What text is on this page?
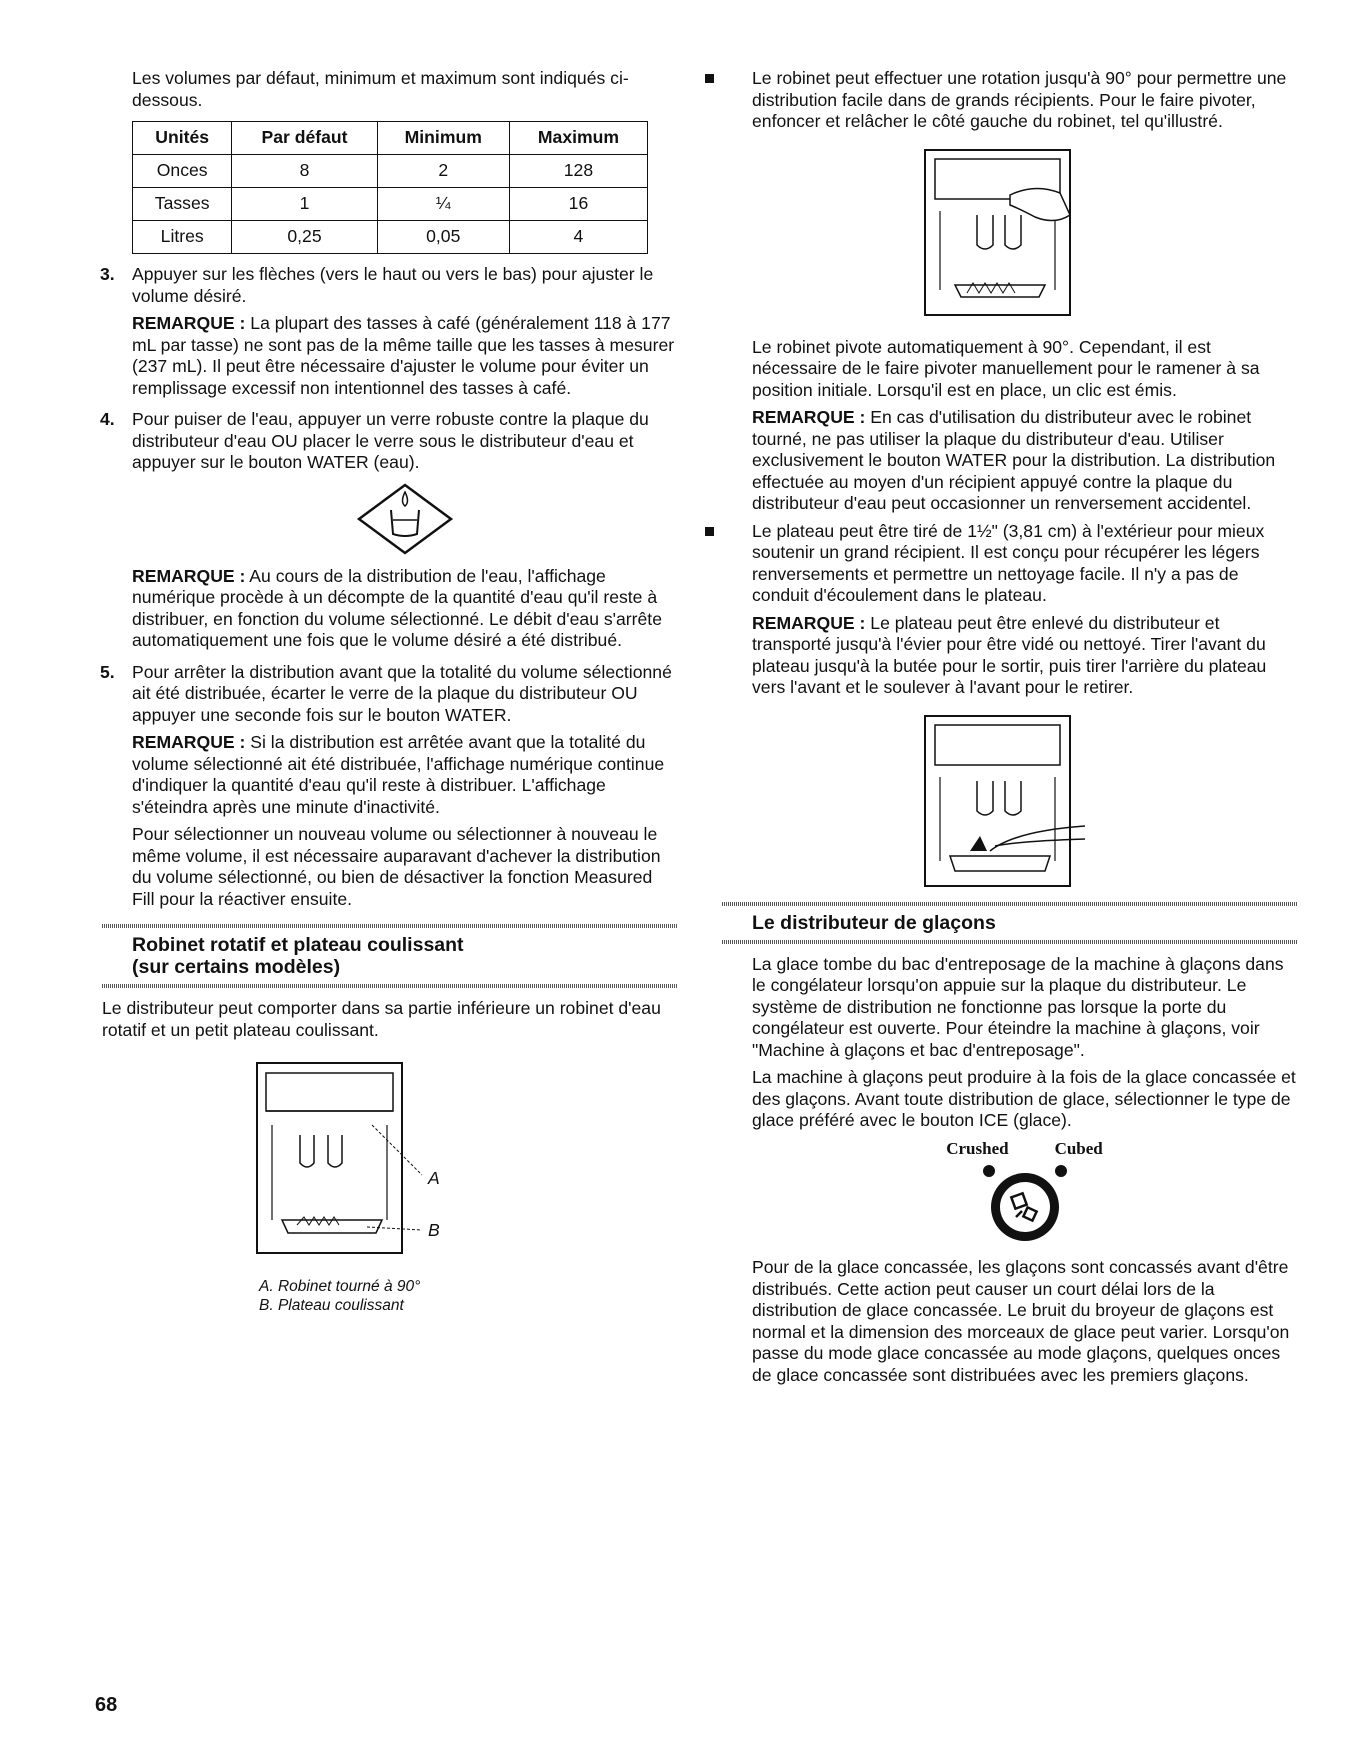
Les volumes par défaut, minimum et maximum sont indiqués ci-dessous.

Unités	Par défaut	Minimum	Maximum
Onces	8	2	128
Tasses	1	¼	16
Litres	0,25	0,05	4
3. Appuyer sur les flèches (vers le haut ou vers le bas) pour ajuster le volume désiré.

REMARQUE : La plupart des tasses à café (généralement 118 à 177 mL par tasse) ne sont pas de la même taille que les tasses à mesurer (237 mL). Il peut être nécessaire d'ajuster le volume pour éviter un remplissage excessif non intentionnel des tasses à café.

4. Pour puiser de l'eau, appuyer un verre robuste contre la plaque du distributeur d'eau OU placer le verre sous le distributeur d'eau et appuyer sur le bouton WATER (eau).

REMARQUE : Au cours de la distribution de l'eau, l'affichage numérique procède à un décompte de la quantité d'eau qu'il reste à distribuer, en fonction du volume sélectionné. Le débit d'eau s'arrête automatiquement une fois que le volume désiré a été distribué.

5. Pour arrêter la distribution avant que la totalité du volume sélectionné ait été distribuée, écarter le verre de la plaque du distributeur OU appuyer une seconde fois sur le bouton WATER.

REMARQUE : Si la distribution est arrêtée avant que la totalité du volume sélectionné ait été distribuée, l'affichage numérique continue d'indiquer la quantité d'eau qu'il reste à distribuer. L'affichage s'éteindra après une minute d'inactivité.

Pour sélectionner un nouveau volume ou sélectionner à nouveau le même volume, il est nécessaire auparavant d'achever la distribution du volume sélectionné, ou bien de désactiver la fonction Measured Fill pour la réactiver ensuite.

Robinet rotatif et plateau coulissant
(sur certains modèles)

Le distributeur peut comporter dans sa partie inférieure un robinet d'eau rotatif et un petit plateau coulissant.

A
B
A. Robinet tourné à 90°
B. Plateau coulissant

Le robinet peut effectuer une rotation jusqu'à 90° pour permettre une distribution facile dans de grands récipients. Pour le faire pivoter, enfoncer et relâcher le côté gauche du robinet, tel qu'illustré.

Le robinet pivote automatiquement à 90°. Cependant, il est nécessaire de le faire pivoter manuellement pour le ramener à sa position initiale. Lorsqu'il est en place, un clic est émis.

REMARQUE : En cas d'utilisation du distributeur avec le robinet tourné, ne pas utiliser la plaque du distributeur d'eau. Utiliser exclusivement le bouton WATER pour la distribution. La distribution effectuée au moyen d'un récipient appuyé contre la plaque du distributeur d'eau peut occasionner un renversement accidentel.

Le plateau peut être tiré de 1½" (3,81 cm) à l'extérieur pour mieux soutenir un grand récipient. Il est conçu pour récupérer les légers renversements et permettre un nettoyage facile. Il n'y a pas de conduit d'écoulement dans le plateau.

REMARQUE : Le plateau peut être enlevé du distributeur et transporté jusqu'à l'évier pour être vidé ou nettoyé. Tirer l'avant du plateau jusqu'à la butée pour le sortir, puis tirer l'arrière du plateau vers l'avant et le soulever à l'avant pour le retirer.

Le distributeur de glaçons

La glace tombe du bac d'entreposage de la machine à glaçons dans le congélateur lorsqu'on appuie sur la plaque du distributeur. Le système de distribution ne fonctionne pas lorsque la porte du congélateur est ouverte. Pour éteindre la machine à glaçons, voir "Machine à glaçons et bac d'entreposage".

La machine à glaçons peut produire à la fois de la glace concassée et des glaçons. Avant toute distribution de glace, sélectionner le type de glace préféré avec le bouton ICE (glace).

Crushed	Cubed

Pour de la glace concassée, les glaçons sont concassés avant d'être distribués. Cette action peut causer un court délai lors de la distribution de glace concassée. Le bruit du broyeur de glaçons est normal et la dimension des morceaux de glace peut varier. Lorsqu'on passe du mode glace concassée au mode glaçons, quelques onces de glace concassée sont distribuées avec les premiers glaçons.

68
